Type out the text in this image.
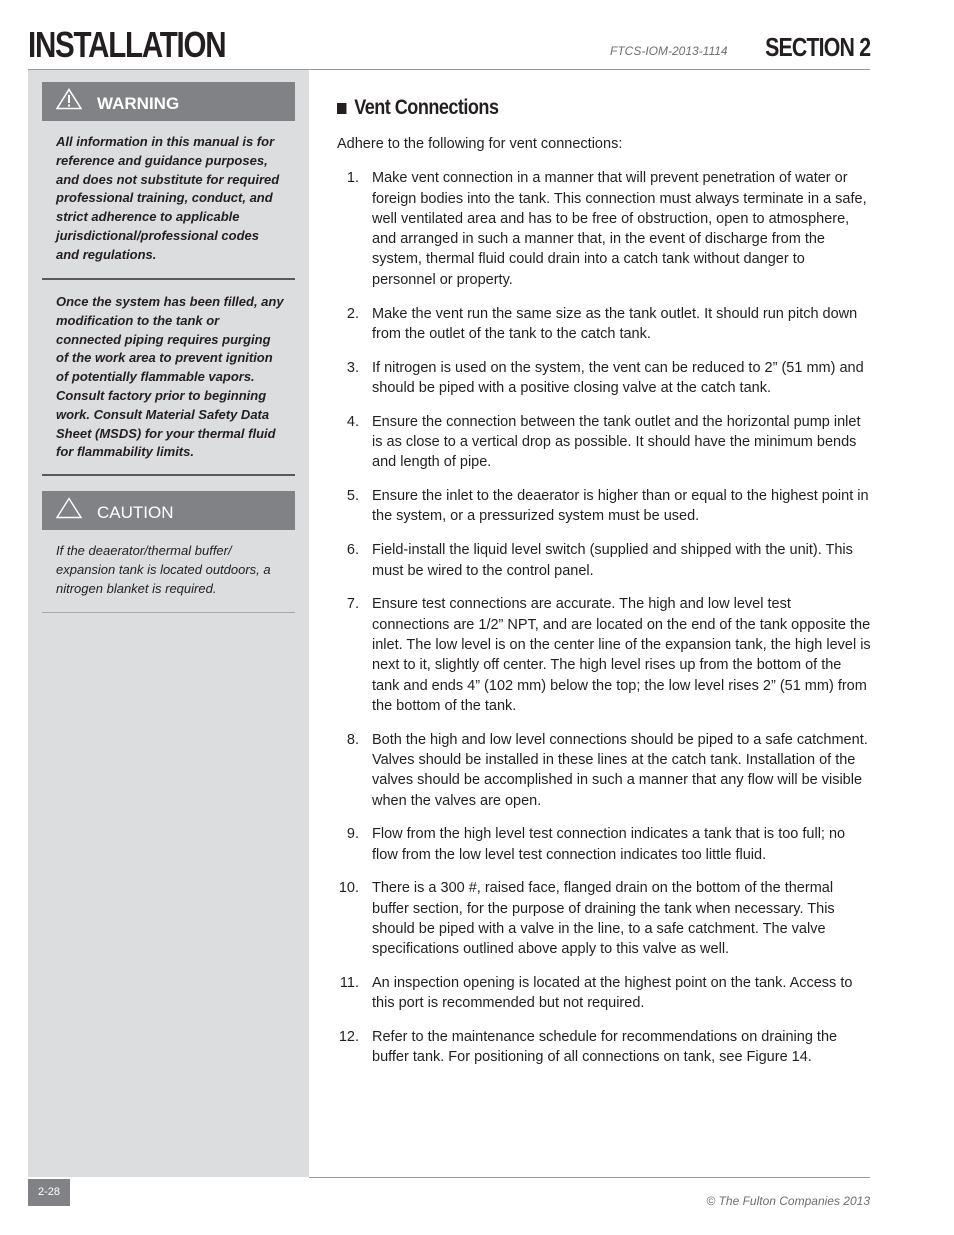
INSTALLATION	FTCS-IOM-2013-1114 SECTION 2
WARNING
All information in this manual is for reference and guidance purposes, and does not substitute for required professional training, conduct, and strict adherence to applicable jurisdictional/professional codes and regulations.
Once the system has been filled, any modification to the tank or connected piping requires purging of the work area to prevent ignition of potentially flammable vapors. Consult factory prior to beginning work. Consult Material Safety Data Sheet (MSDS) for your thermal fluid for flammability limits.
CAUTION
If the deaerator/thermal buffer/ expansion tank is located outdoors, a nitrogen blanket is required.
Vent Connections
Adhere to the following for vent connections:
1. Make vent connection in a manner that will prevent penetration of water or foreign bodies into the tank. This connection must always terminate in a safe, well ventilated area and has to be free of obstruction, open to atmosphere, and arranged in such a manner that, in the event of discharge from the system, thermal fluid could drain into a catch tank without danger to personnel or property.
2. Make the vent run the same size as the tank outlet. It should run pitch down from the outlet of the tank to the catch tank.
3. If nitrogen is used on the system, the vent can be reduced to 2” (51 mm) and should be piped with a positive closing valve at the catch tank.
4. Ensure the connection between the tank outlet and the horizontal pump inlet is as close to a vertical drop as possible. It should have the minimum bends and length of pipe.
5. Ensure the inlet to the deaerator is higher than or equal to the highest point in the system, or a pressurized system must be used.
6. Field-install the liquid level switch (supplied and shipped with the unit). This must be wired to the control panel.
7. Ensure test connections are accurate. The high and low level test connections are 1/2” NPT, and are located on the end of the tank opposite the inlet. The low level is on the center line of the expansion tank, the high level is next to it, slightly off center. The high level rises up from the bottom of the tank and ends 4” (102 mm) below the top; the low level rises 2” (51 mm) from the bottom of the tank.
8. Both the high and low level connections should be piped to a safe catchment. Valves should be installed in these lines at the catch tank. Installation of the valves should be accomplished in such a manner that any flow will be visible when the valves are open.
9. Flow from the high level test connection indicates a tank that is too full; no flow from the low level test connection indicates too little fluid.
10. There is a 300 #, raised face, flanged drain on the bottom of the thermal buffer section, for the purpose of draining the tank when necessary. This should be piped with a valve in the line, to a safe catchment. The valve specifications outlined above apply to this valve as well.
11. An inspection opening is located at the highest point on the tank. Access to this port is recommended but not required.
12. Refer to the maintenance schedule for recommendations on draining the buffer tank. For positioning of all connections on tank, see Figure 14.
2-28
© The Fulton Companies 2013
